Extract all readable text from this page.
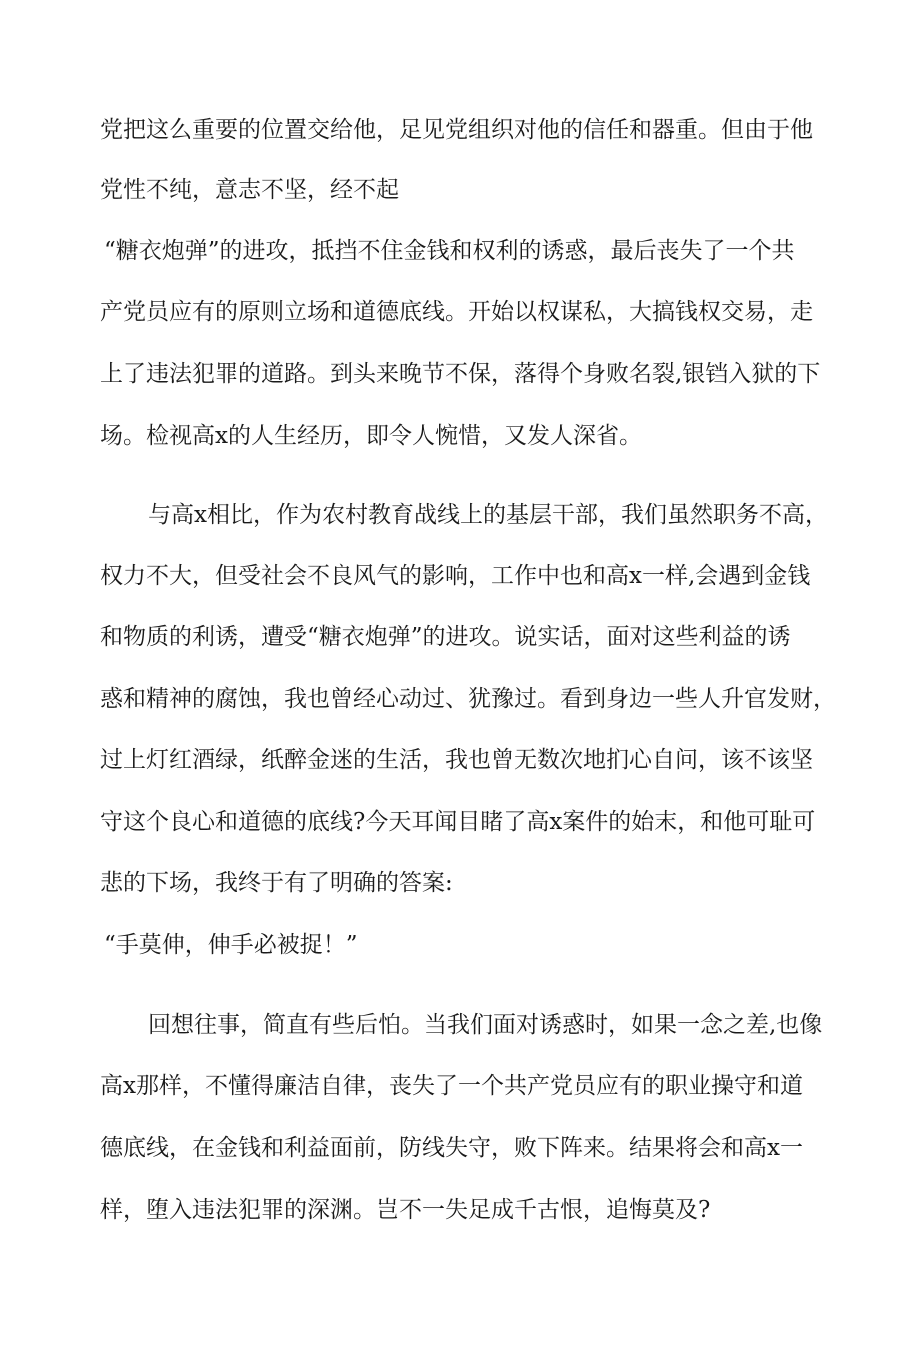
党把这么重要的位置交给他，足见党组织对他的信任和器重。但由于他
党性不纯，意志不坚，经不起
“糖衣炮弹”的进攻，抵挡不住金钱和权利的诱惑，最后丧失了一个共
产党员应有的原则立场和道德底线。开始以权谋私，大搞钱权交易，走
上了违法犯罪的道路。到头来晚节不保，落得个身败名裂,银铛入狱的下
场。检视高x的人生经历，即令人惋惜，又发人深省。
与高x相比，作为农村教育战线上的基层干部，我们虽然职务不高，
权力不大，但受社会不良风气的影响，工作中也和高x一样,会遇到金钱
和物质的利诱，遭受“糖衣炮弹”的进攻。说实话，面对这些利益的诱
惑和精神的腐蚀，我也曾经心动过、犹豫过。看到身边一些人升官发财，
过上灯红酒绿，纸醉金迷的生活，我也曾无数次地扪心自问，该不该坚
守这个良心和道德的底线?今天耳闻目睹了高x案件的始末，和他可耻可
悲的下场，我终于有了明确的答案:
“手莫伸，伸手必被捉！”
回想往事，简直有些后怕。当我们面对诱惑时，如果一念之差,也像
高x那样，不懂得廉洁自律，丧失了一个共产党员应有的职业操守和道
德底线，在金钱和利益面前，防线失守，败下阵来。结果将会和高x一
样，堕入违法犯罪的深渊。岂不一失足成千古恨，追悔莫及?
